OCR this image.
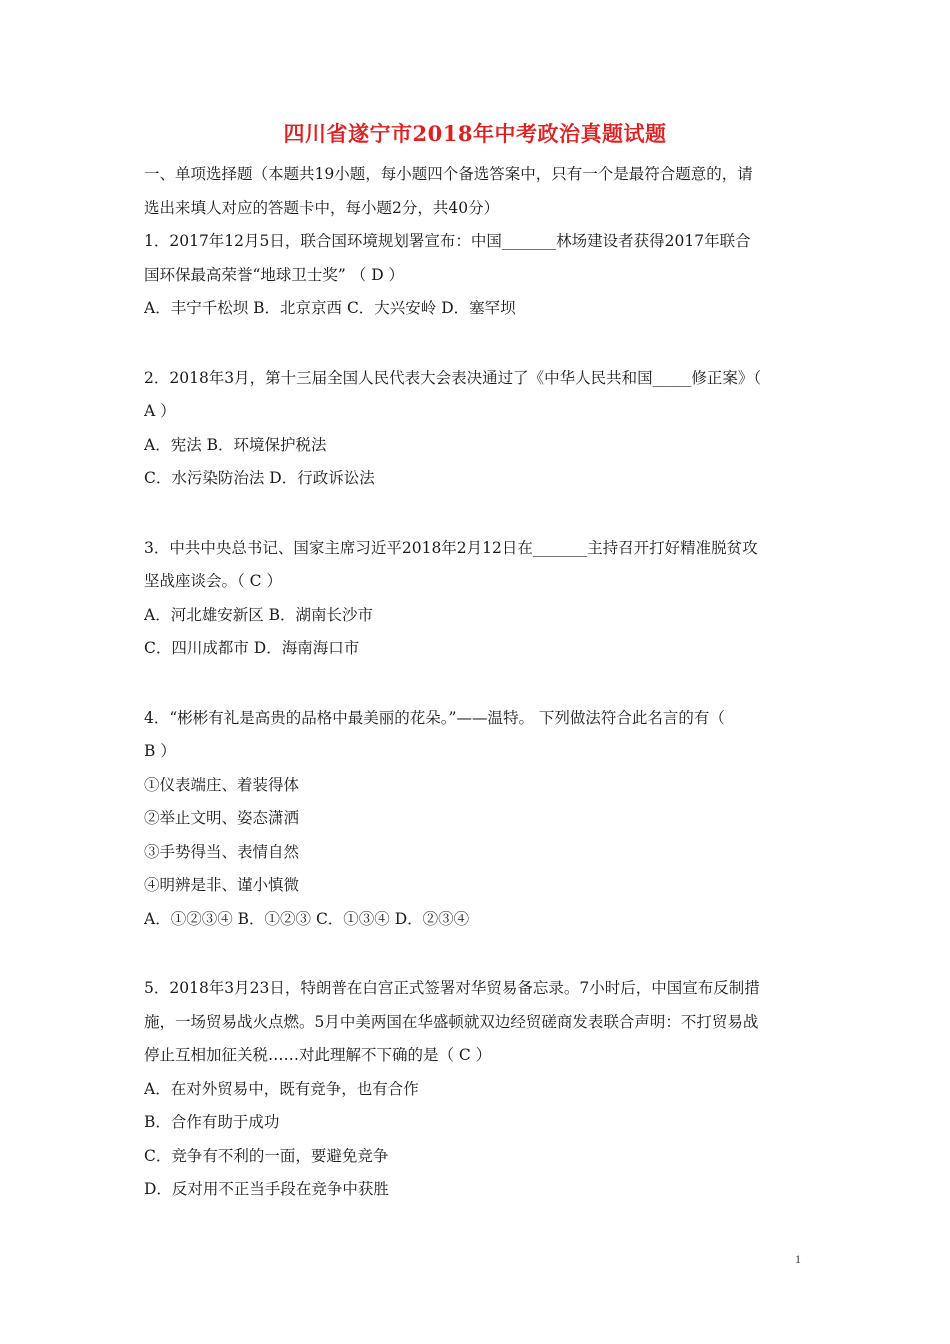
四川省遂宁市2018年中考政治真题试题
一、单项选择题（本题共19小题，每小题四个备选答案中，只有一个是最符合题意的，请
选出来填人对应的答题卡中，每小题2分，共40分）
1．2017年12月5日，联合国环境规划署宣布：中国_______林场建设者获得2017年联合
国环保最高荣誉“地球卫士奖” （ D ）
A．丰宁千松坝 B．北京京西 C．大兴安岭 D．塞罕坝
2．2018年3月，第十三届全国人民代表大会表决通过了《中华人民共和国_____修正案》（
A ）
A．宪法 B．环境保护税法
C．水污染防治法 D．行政诉讼法
3．中共中央总书记、国家主席习近平2018年2月12日在_______主持召开打好精准脱贫攻
坚战座谈会。（ C ）
A．河北雄安新区 B．湖南长沙市
C．四川成都市 D．海南海口市
4．“彬彬有礼是高贵的品格中最美丽的花朵。”——温特。 下列做法符合此名言的有（
B ）
①仪表端庄、着装得体
②举止文明、姿态潇洒
③手势得当、表情自然
④明辨是非、谨小慎微
A．①②③④ B．①②③ C．①③④ D．②③④
5．2018年3月23日，特朗普在白宫正式签署对华贸易备忘录。7小时后，中国宣布反制措
施，一场贸易战火点燃。5月中美两国在华盛顿就双边经贸磋商发表联合声明：不打贸易战
停止互相加征关税……对此理解不下确的是（ C ）
A．在对外贸易中，既有竞争，也有合作
B．合作有助于成功
C．竞争有不利的一面，要避免竞争
D．反对用不正当手段在竞争中获胜
1
